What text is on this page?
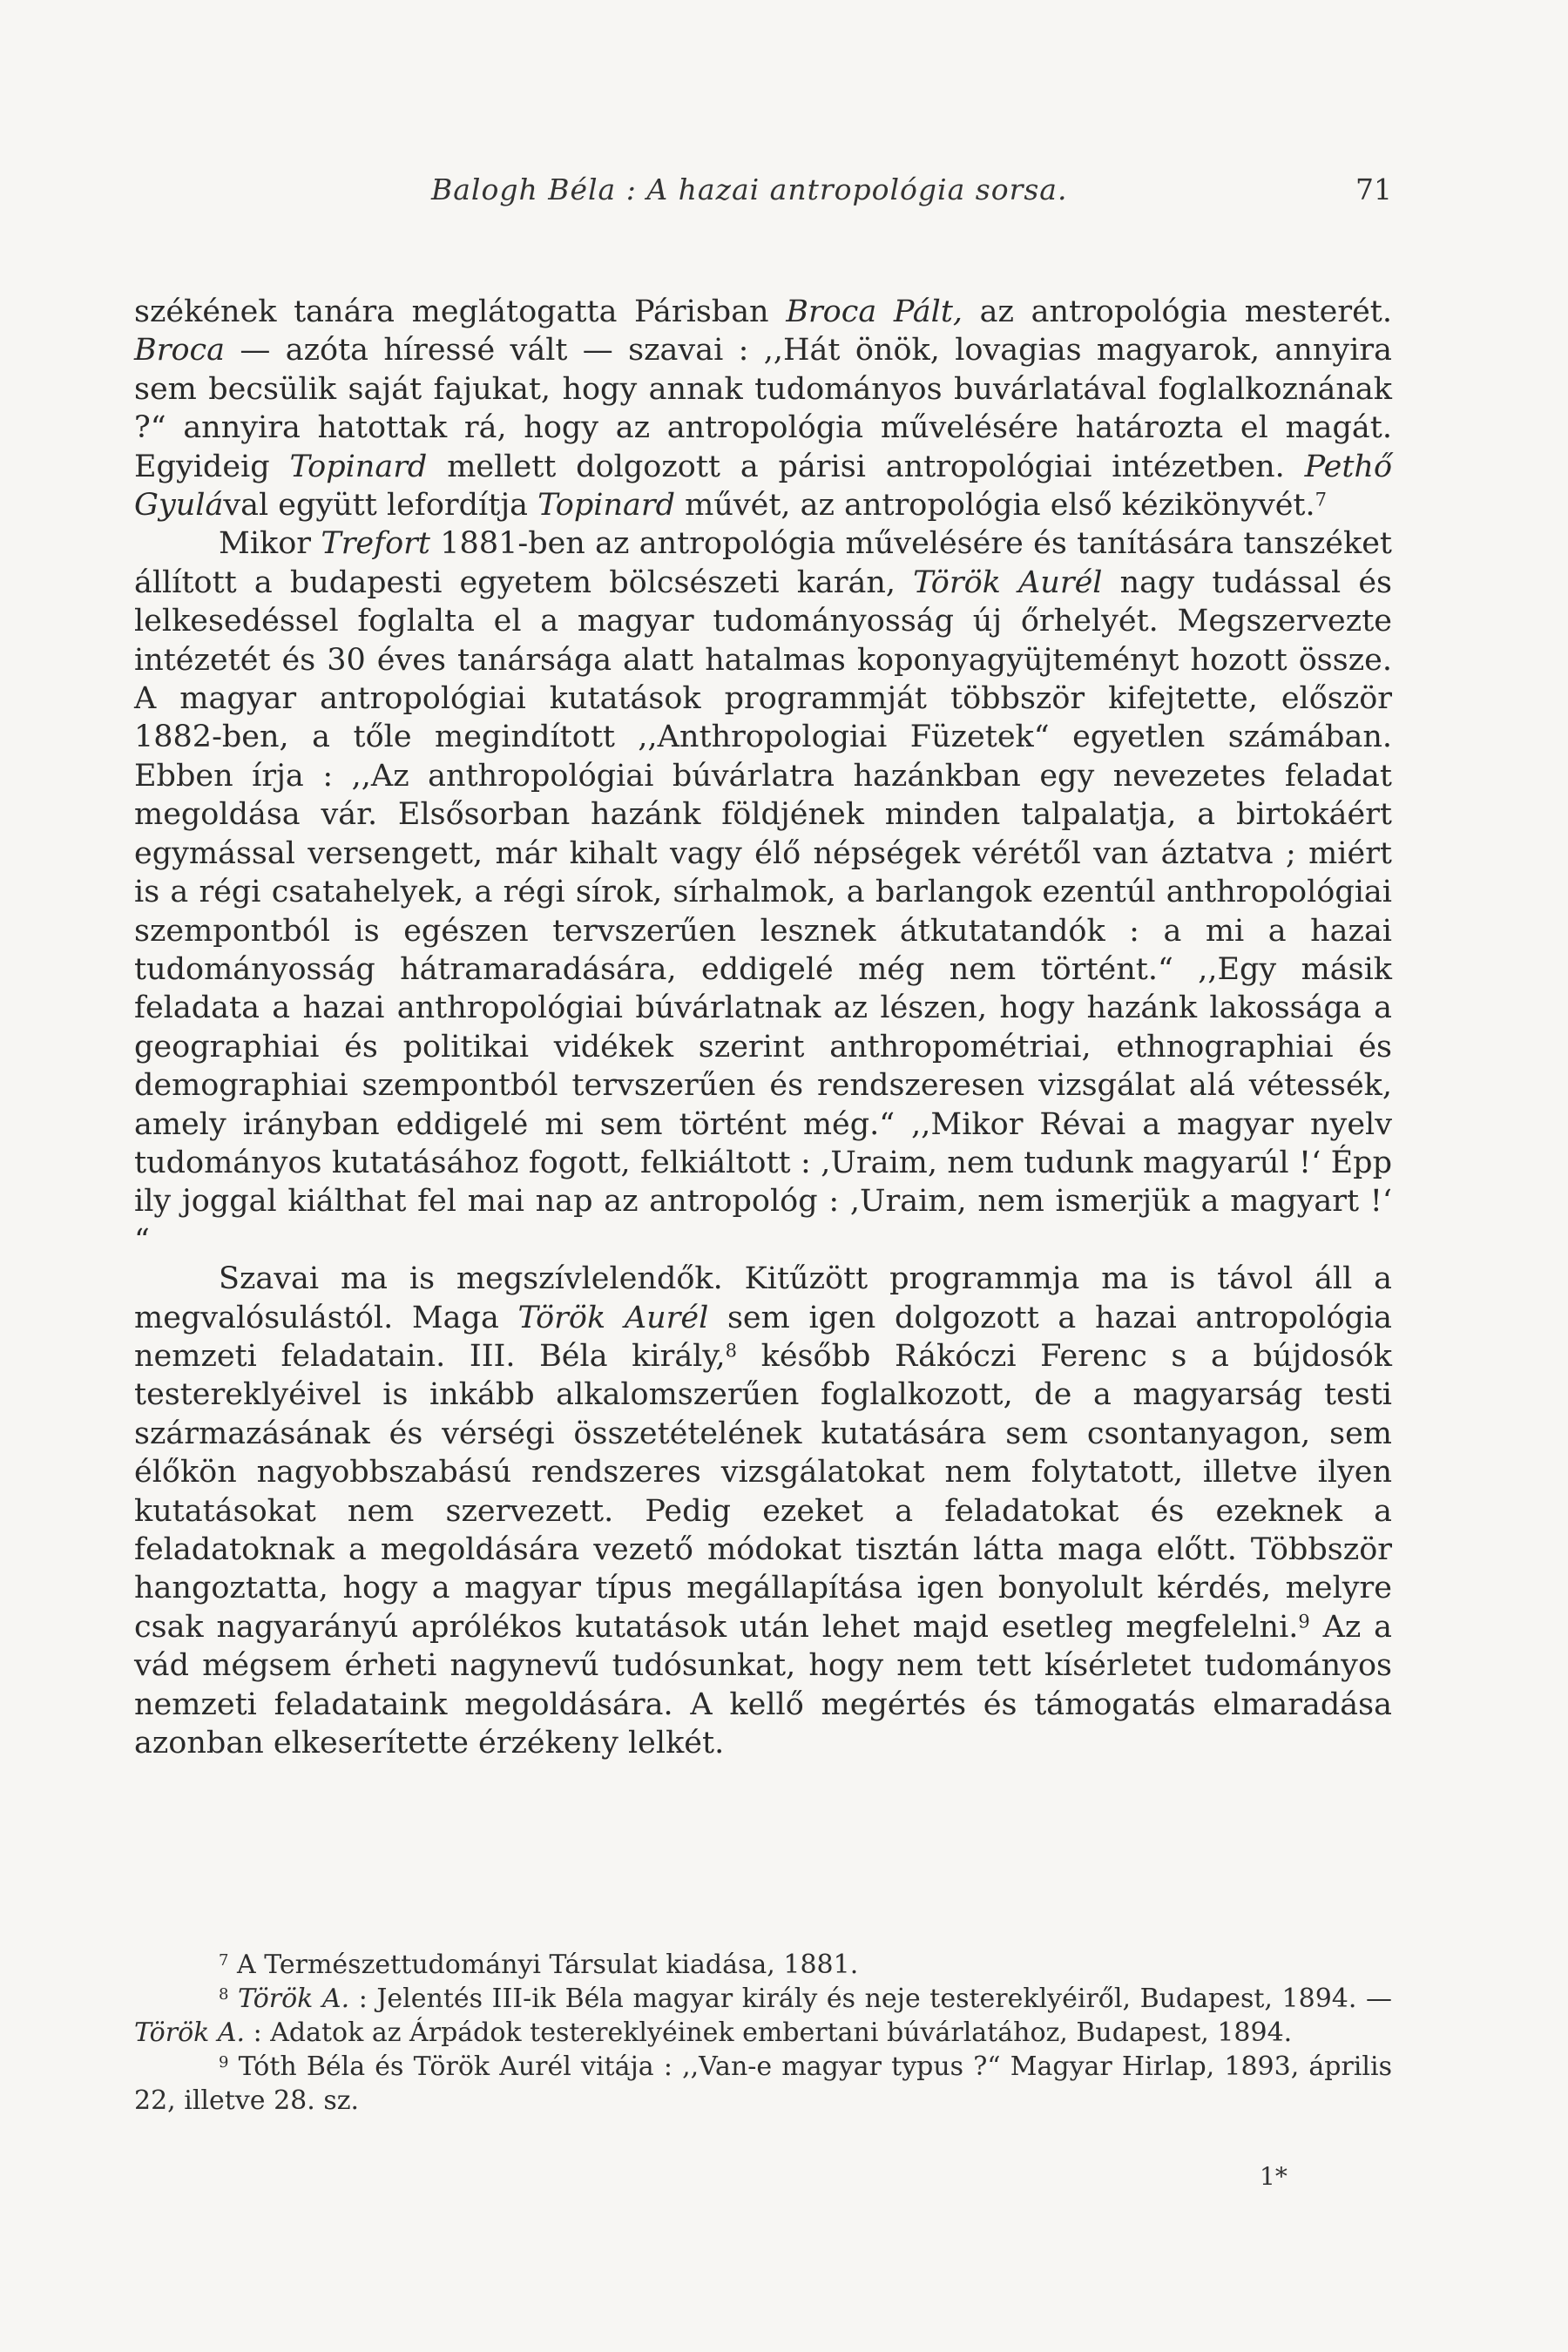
Balogh Béla : A hazai antropológia sorsa.	71

székének tanára meglátogatta Párisban Broca Pált, az antropológia mesterét. Broca — azóta híressé vált — szavai : ,,Hát önök, lovagias magyarok, annyira sem becsülik saját fajukat, hogy annak tudományos buvárlatával foglalkoznának ?“ annyira hatottak rá, hogy az antropológia művelésére határozta el magát. Egyideig Topinard mellett dolgozott a párisi antropológiai intézetben. Pethő Gyulával együtt lefordítja Topinard művét, az antropológia első kézikönyvét.$^7$

Mikor Trefort 1881-ben az antropológia művelésére és tanítására tanszéket állított a budapesti egyetem bölcsészeti karán, Török Aurél nagy tudással és lelkesedéssel foglalta el a magyar tudományosság új őrhelyét. Megszervezte intézetét és 30 éves tanársága alatt hatalmas koponyagyüjteményt hozott össze. A magyar antropológiai kutatások programmját többször kifejtette, először 1882-ben, a tőle megindított ,,Anthropologiai Füzetek“ egyetlen számában. Ebben írja : ,,Az anthropológiai búvárlatra hazánkban egy nevezetes feladat megoldása vár. Elsősorban hazánk földjének minden talpalatja, a birtokáért egymással versengett, már kihalt vagy élő népségek vérétől van áztatva ; miért is a régi csatahelyek, a régi sírok, sírhalmok, a barlangok ezentúl anthropológiai szempontból is egészen tervszerűen lesznek átkutatandók : a mi a hazai tudományosság hátramaradására, eddigelé még nem történt.“ ,,Egy másik feladata a hazai anthropológiai búvárlatnak az lészen, hogy hazánk lakossága a geographiai és politikai vidékek szerint anthropométriai, ethnographiai és demographiai szempontból tervszerűen és rendszeresen vizsgálat alá vétessék, amely irányban eddigelé mi sem történt még.“ ,,Mikor Révai a magyar nyelv tudományos kutatásához fogott, felkiáltott : ,Uraim, nem tudunk magyarúl !‘ Épp ily joggal kiálthat fel mai nap az antropológ : ,Uraim, nem ismerjük a magyart !‘ “

Szavai ma is megszívlelendők. Kitűzött programmja ma is távol áll a megvalósulástól. Maga Török Aurél sem igen dolgozott a hazai antropológia nemzeti feladatain. III. Béla király,$^8$ később Rákóczi Ferenc s a bújdosók testereklyéivel is inkább alkalomszerűen foglalkozott, de a magyarság testi származásának és vérségi összetételének kutatására sem csontanyagon, sem élőkön nagyobbszabású rendszeres vizsgálatokat nem folytatott, illetve ilyen kutatásokat nem szervezett. Pedig ezeket a feladatokat és ezeknek a feladatoknak a megoldására vezető módokat tisztán látta maga előtt. Többször hangoztatta, hogy a magyar típus megállapítása igen bonyolult kérdés, melyre csak nagyarányú aprólékos kutatások után lehet majd esetleg megfelelni.$^9$ Az a vád mégsem érheti nagynevű tudósunkat, hogy nem tett kísérletet tudományos nemzeti feladataink megoldására. A kellő megértés és támogatás elmaradása azonban elkeserítette érzékeny lelkét.

$^7$ A Természettudományi Társulat kiadása, 1881.

$^8$ Török A. : Jelentés III-ik Béla magyar király és neje testereklyéiről, Budapest, 1894. — Török A. : Adatok az Árpádok testereklyéinek embertani búvárlatához, Budapest, 1894.

$^9$ Tóth Béla és Török Aurél vitája : ,,Van-e magyar typus ?“ Magyar Hirlap, 1893, április 22, illetve 28. sz.

1*
